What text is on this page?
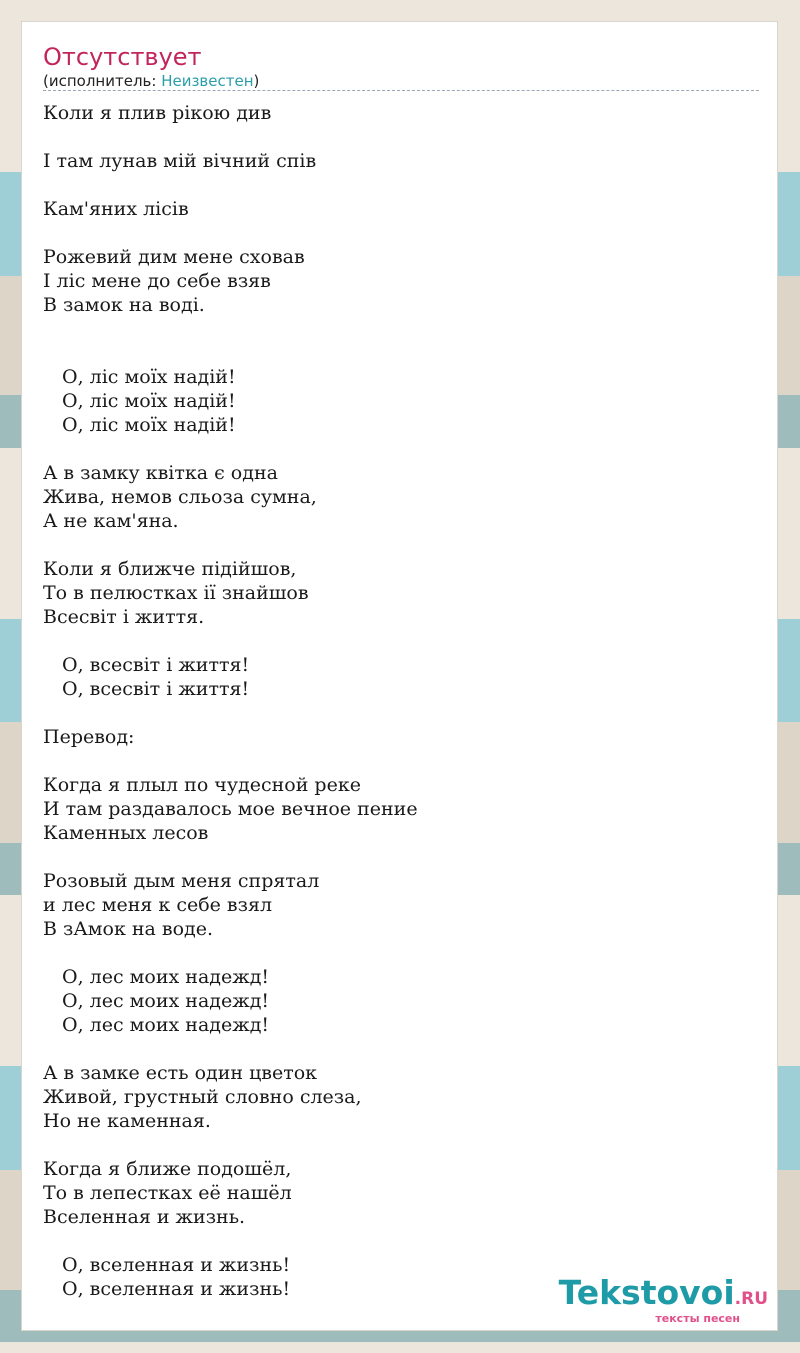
Отсутствует
(исполнитель: Неизвестен)
Коли я плив рікою див
І там лунав мій вічний спів
Кам'яних лісів
Рожевий дим мене сховав
І ліс мене до себе взяв
В замок на воді.
О, ліс моїх надій!
О, ліс моїх надій!
О, ліс моїх надій!
А в замку квітка є одна
Жива, немов сльоза сумна,
А не кам'яна.
Коли я ближче підійшов,
То в пелюстках ії знайшов
Всесвіт і життя.
О, всесвіт і життя!
О, всесвіт і життя!
Перевод:
Когда я плыл по чудесной реке
И там раздавалось мое вечное пение
Каменных лесов
Розовый дым меня спрятал
и лес меня к себе взял
В зАмок на воде.
О, лес моих надежд!
О, лес моих надежд!
О, лес моих надежд!
А в замке есть один цветок
Живой, грустный словно слеза,
Но не каменная.
Когда я ближе подошёл,
То в лепестках её нашёл
Вселенная и жизнь.
О, вселенная и жизнь!
О, вселенная и жизнь!	Tekstovoi.RU
тексты песен
